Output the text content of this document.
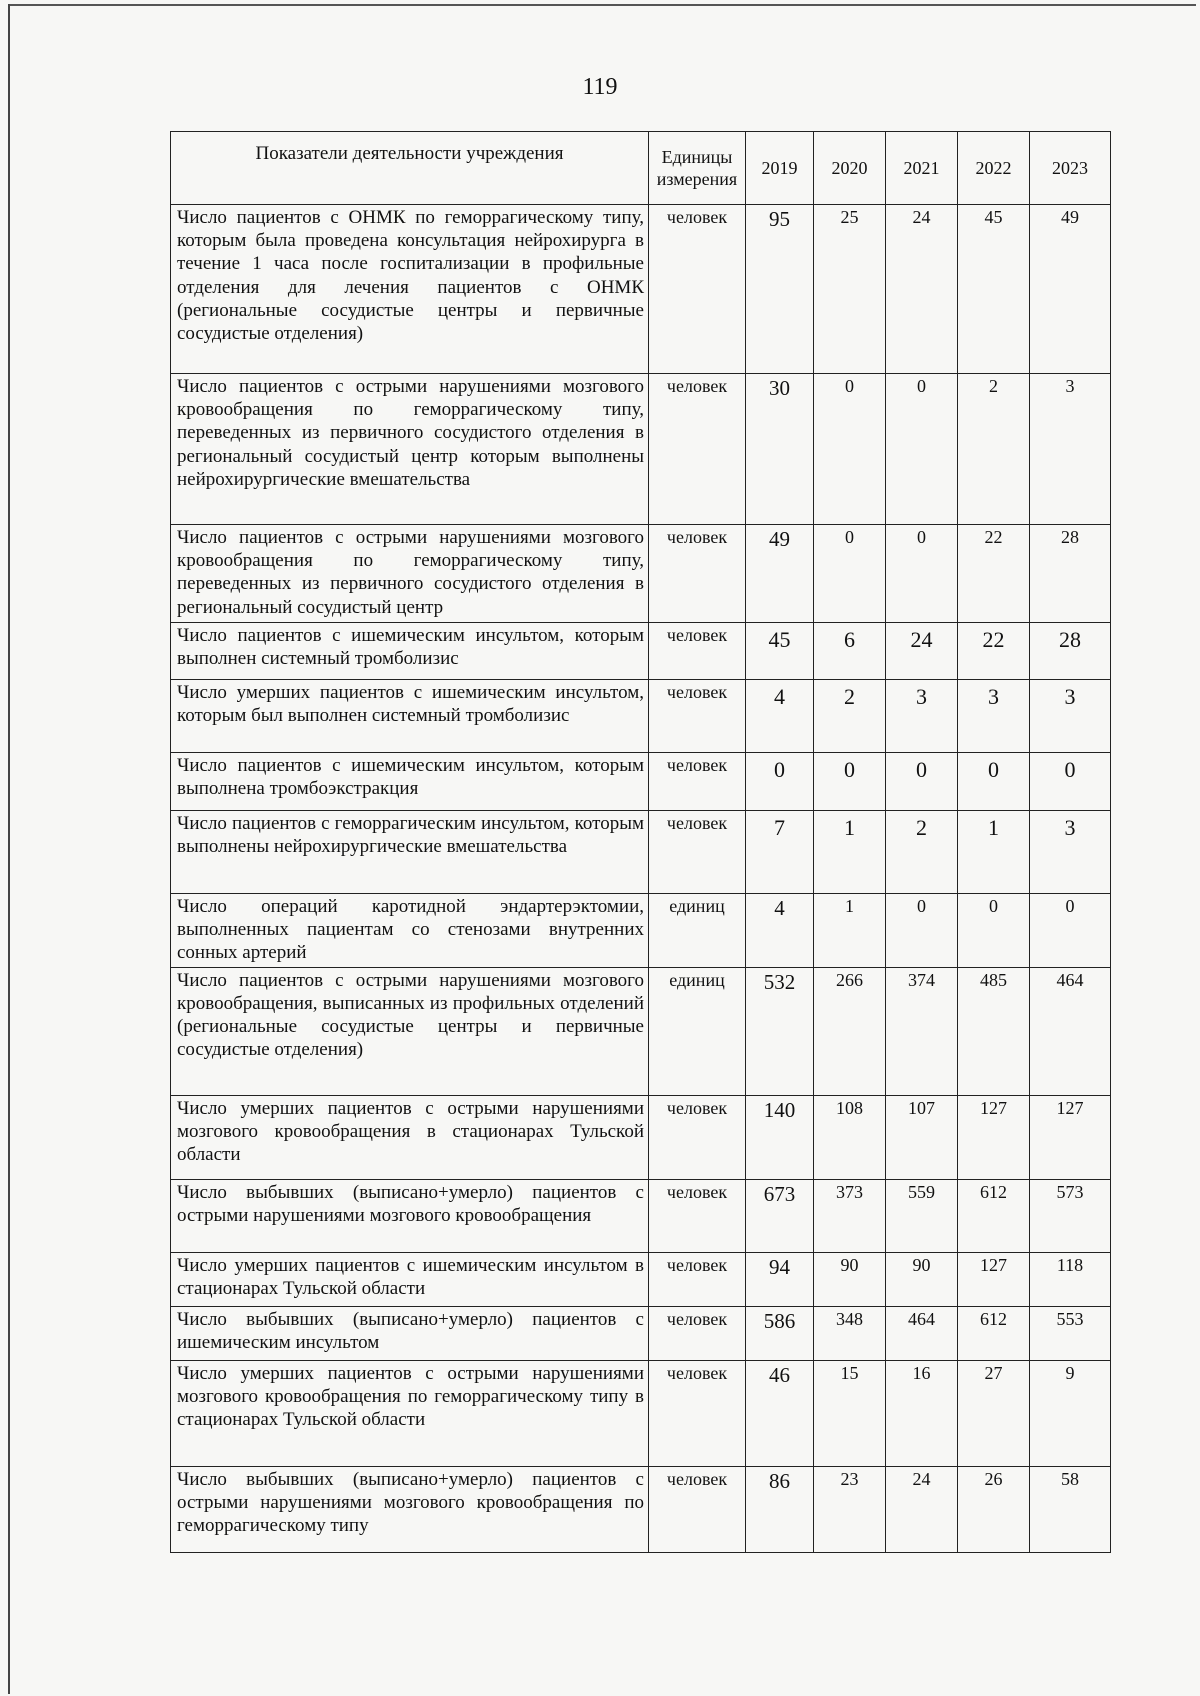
119
Показатели деятельности учреждения	Единицы измерения	2019	2020	2021	2022	2023
Число пациентов с ОНМК по геморрагическому типу, которым была проведена консультация нейрохирурга в течение 1 часа после госпитализации в профильные отделения для лечения пациентов с ОНМК (региональные сосудистые центры и первичные сосудистые отделения)	человек	95	25	24	45	49
Число пациентов с острыми нарушениями мозгового кровообращения по геморрагическому типу, переведенных из первичного сосудистого отделения в региональный сосудистый центр которым выполнены нейрохирургические вмешательства	человек	30	0	0	2	3
Число пациентов с острыми нарушениями мозгового кровообращения по геморрагическому типу, переведенных из первичного сосудистого отделения в региональный сосудистый центр	человек	49	0	0	22	28
Число пациентов с ишемическим инсультом, которым выполнен системный тромболизис	человек	45	6	24	22	28
Число умерших пациентов с ишемическим инсультом, которым был выполнен системный тромболизис	человек	4	2	3	3	3
Число пациентов с ишемическим инсультом, которым выполнена тромбоэкстракция	человек	0	0	0	0	0
Число пациентов с геморрагическим инсультом, которым выполнены нейрохирургические вмешательства	человек	7	1	2	1	3
Число операций каротидной эндартерэктомии, выполненных пациентам со стенозами внутренних сонных артерий	единиц	4	1	0	0	0
Число пациентов с острыми нарушениями мозгового кровообращения, выписанных из профильных отделений (региональные сосудистые центры и первичные сосудистые отделения)	единиц	532	266	374	485	464
Число умерших пациентов с острыми нарушениями мозгового кровообращения в стационарах Тульской области	человек	140	108	107	127	127
Число выбывших (выписано+умерло) пациентов с острыми нарушениями мозгового кровообращения	человек	673	373	559	612	573
Число умерших пациентов с ишемическим инсультом в стационарах Тульской области	человек	94	90	90	127	118
Число выбывших (выписано+умерло) пациентов с ишемическим инсультом	человек	586	348	464	612	553
Число умерших пациентов с острыми нарушениями мозгового кровообращения по геморрагическому типу в стационарах Тульской области	человек	46	15	16	27	9
Число выбывших (выписано+умерло) пациентов с острыми нарушениями мозгового кровообращения по геморрагическому типу	человек	86	23	24	26	58
